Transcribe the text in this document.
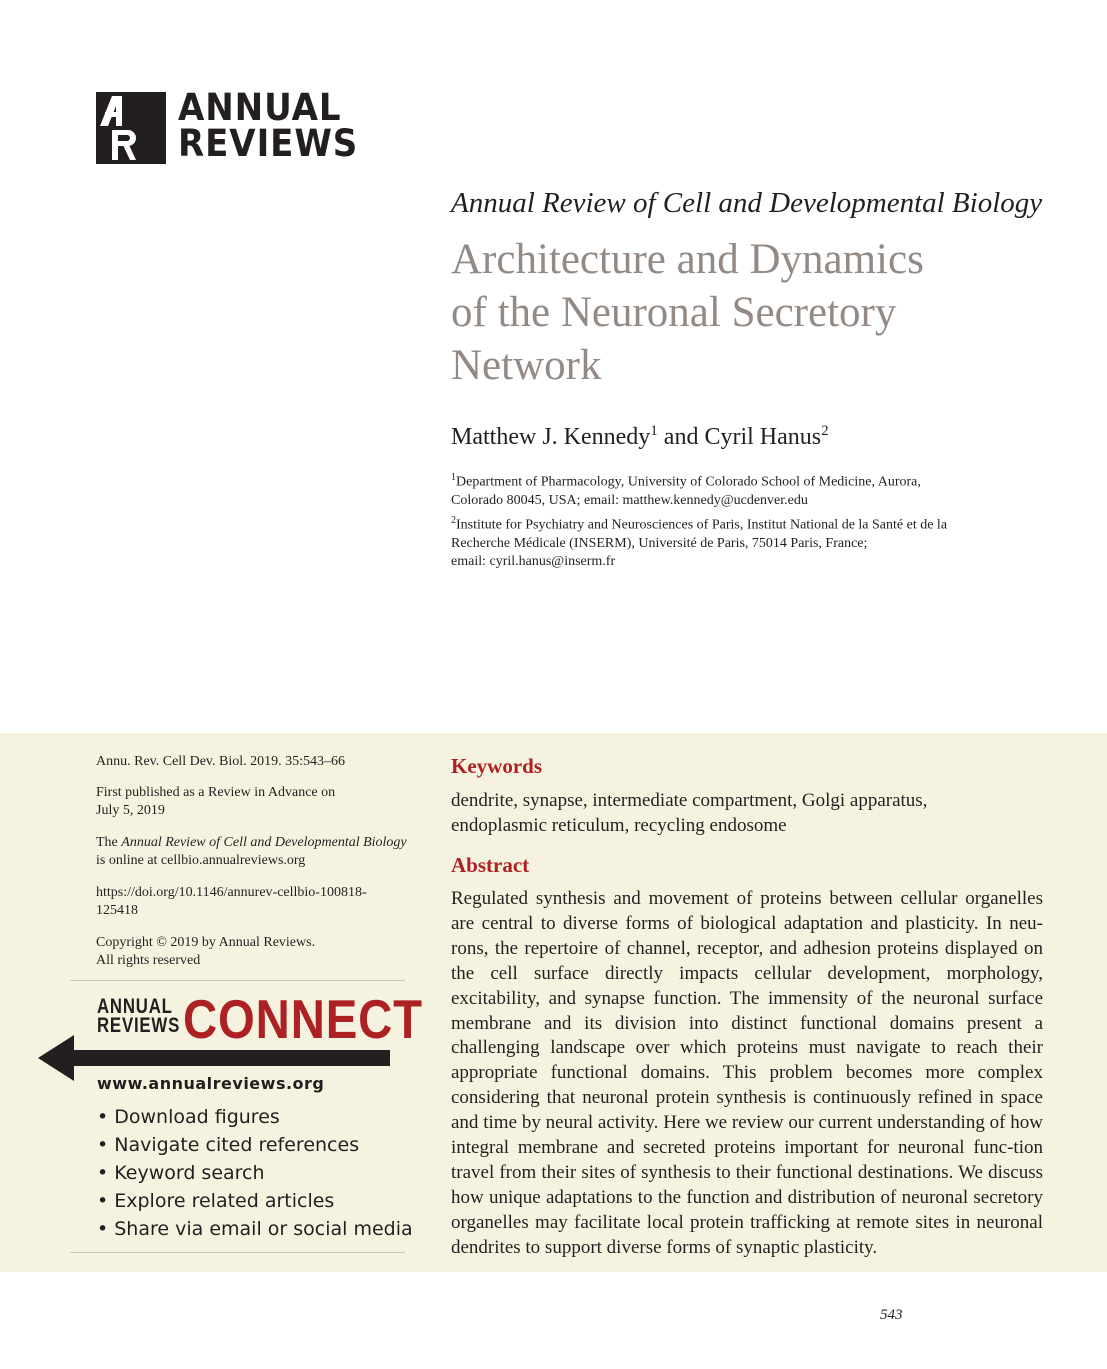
ANNUAL
REVIEWS
Annual Review of Cell and Developmental Biology
Architecture and Dynamics
of the Neuronal Secretory
Network
Matthew J. Kennedy$^1$ and Cyril Hanus$^2$
$^1$Department of Pharmacology, University of Colorado School of Medicine, Aurora,
Colorado 80045, USA; email: matthew.kennedy@ucdenver.edu
$^2$Institute for Psychiatry and Neurosciences of Paris, Institut National de la Santé et de la
Recherche Médicale (INSERM), Université de Paris, 75014 Paris, France;
email: cyril.hanus@inserm.fr
Annu. Rev. Cell Dev. Biol. 2019. 35:543–66
First published as a Review in Advance on
July 5, 2019
The Annual Review of Cell and Developmental Biology
is online at cellbio.annualreviews.org
https://doi.org/10.1146/annurev-cellbio-100818-
125418
Copyright © 2019 by Annual Reviews.
All rights reserved
ANNUAL
REVIEWS CONNECT
www.annualreviews.org
• Download figures
• Navigate cited references
• Keyword search
• Explore related articles
• Share via email or social media
Keywords
dendrite, synapse, intermediate compartment, Golgi apparatus,
endoplasmic reticulum, recycling endosome
Abstract
Regulated synthesis and movement of proteins between cellular organelles are central to diverse forms of biological adaptation and plasticity. In neu-rons, the repertoire of channel, receptor, and adhesion proteins displayed on the cell surface directly impacts cellular development, morphology, excitability, and synapse function. The immensity of the neuronal surface membrane and its division into distinct functional domains present a challenging landscape over which proteins must navigate to reach their appropriate functional domains. This problem becomes more complex considering that neuronal protein synthesis is continuously refined in space and time by neural activity. Here we review our current understanding of how integral membrane and secreted proteins important for neuronal func-tion travel from their sites of synthesis to their functional destinations. We discuss how unique adaptations to the function and distribution of neuronal secretory organelles may facilitate local protein trafficking at remote sites in neuronal dendrites to support diverse forms of synaptic plasticity.
543
